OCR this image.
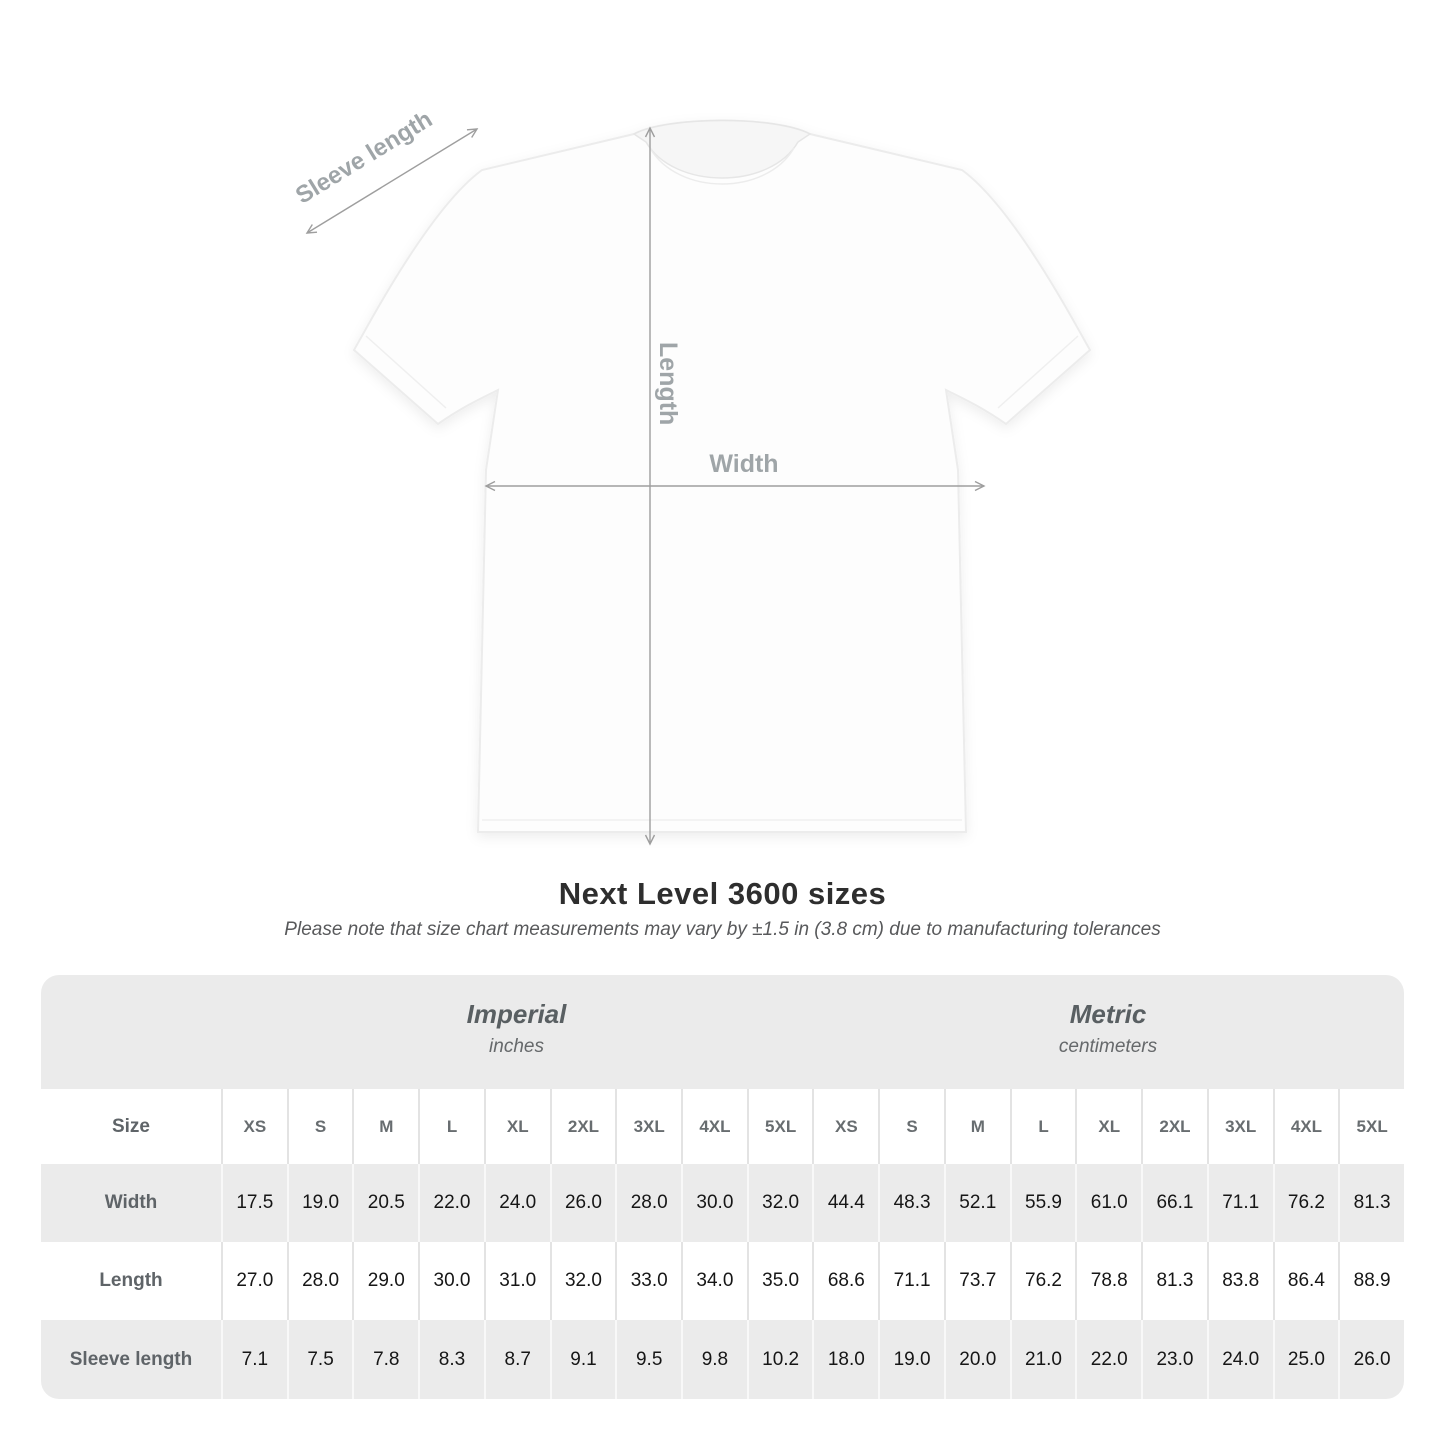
Width
Length
Sleeve length
Next Level 3600 sizes
Please note that size chart measurements may vary by ±1.5 in (3.8 cm) due to manufacturing tolerances
Imperial
inches
Metric
centimeters
Size	XS	S	M	L	XL	2XL	3XL	4XL	5XL	XS	S	M	L	XL	2XL	3XL	4XL	5XL
Width	17.5	19.0	20.5	22.0	24.0	26.0	28.0	30.0	32.0	44.4	48.3	52.1	55.9	61.0	66.1	71.1	76.2	81.3
Length	27.0	28.0	29.0	30.0	31.0	32.0	33.0	34.0	35.0	68.6	71.1	73.7	76.2	78.8	81.3	83.8	86.4	88.9
Sleeve length	7.1	7.5	7.8	8.3	8.7	9.1	9.5	9.8	10.2	18.0	19.0	20.0	21.0	22.0	23.0	24.0	25.0	26.0
